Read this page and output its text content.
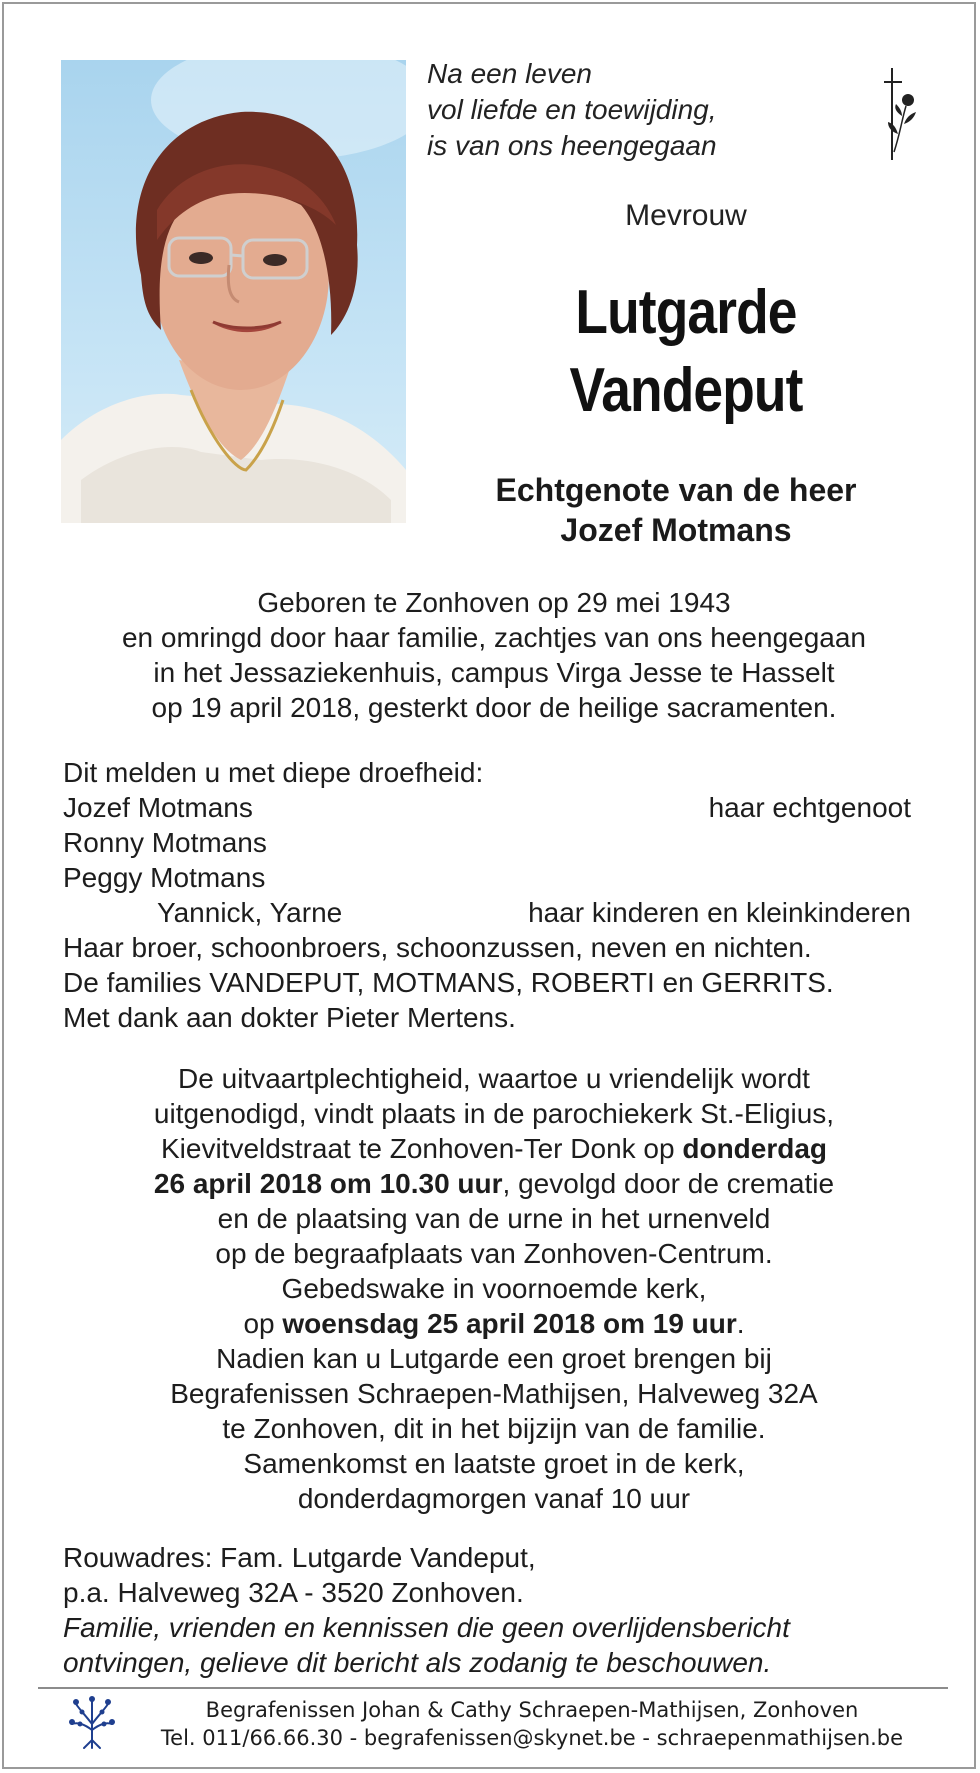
Na een leven
vol liefde en toewijding,
is van ons heengegaan
Mevrouw
Lutgarde
Vandeput
Echtgenote van de heer
Jozef Motmans
Geboren te Zonhoven op 29 mei 1943
en omringd door haar familie, zachtjes van ons heengegaan
in het Jessaziekenhuis, campus Virga Jesse te Hasselt
op 19 april 2018, gesterkt door de heilige sacramenten.
Dit melden u met diepe droefheid:
Jozef Motmans	haar echtgenoot
Ronny Motmans
Peggy Motmans
Yannick, Yarne	haar kinderen en kleinkinderen
Haar broer, schoonbroers, schoonzussen, neven en nichten.
De families VANDEPUT, MOTMANS, ROBERTI en GERRITS.
Met dank aan dokter Pieter Mertens.
De uitvaartplechtigheid, waartoe u vriendelijk wordt
uitgenodigd, vindt plaats in de parochiekerk St.-Eligius,
Kievitveldstraat te Zonhoven-Ter Donk op donderdag
26 april 2018 om 10.30 uur, gevolgd door de crematie
en de plaatsing van de urne in het urnenveld
op de begraafplaats van Zonhoven-Centrum.
Gebedswake in voornoemde kerk,
op woensdag 25 april 2018 om 19 uur.
Nadien kan u Lutgarde een groet brengen bij
Begrafenissen Schraepen-Mathijsen, Halveweg 32A
te Zonhoven, dit in het bijzijn van de familie.
Samenkomst en laatste groet in de kerk,
donderdagmorgen vanaf 10 uur
Rouwadres: Fam. Lutgarde Vandeput,
p.a. Halveweg 32A - 3520 Zonhoven.
Familie, vrienden en kennissen die geen overlijdensbericht
ontvingen, gelieve dit bericht als zodanig te beschouwen.
Begrafenissen Johan & Cathy Schraepen-Mathijsen, Zonhoven
Tel. 011/66.66.30 - begrafenissen@skynet.be - schraepenmathijsen.be
